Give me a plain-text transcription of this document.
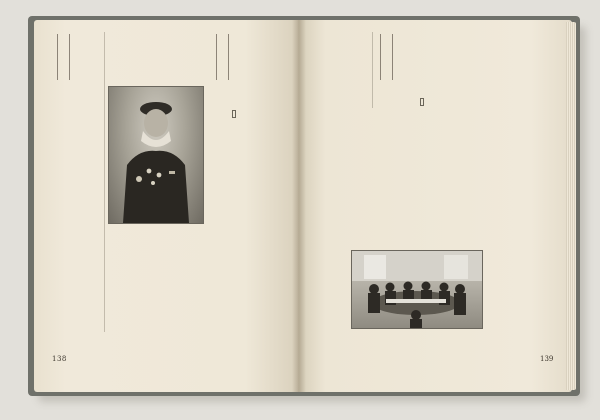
138	139
